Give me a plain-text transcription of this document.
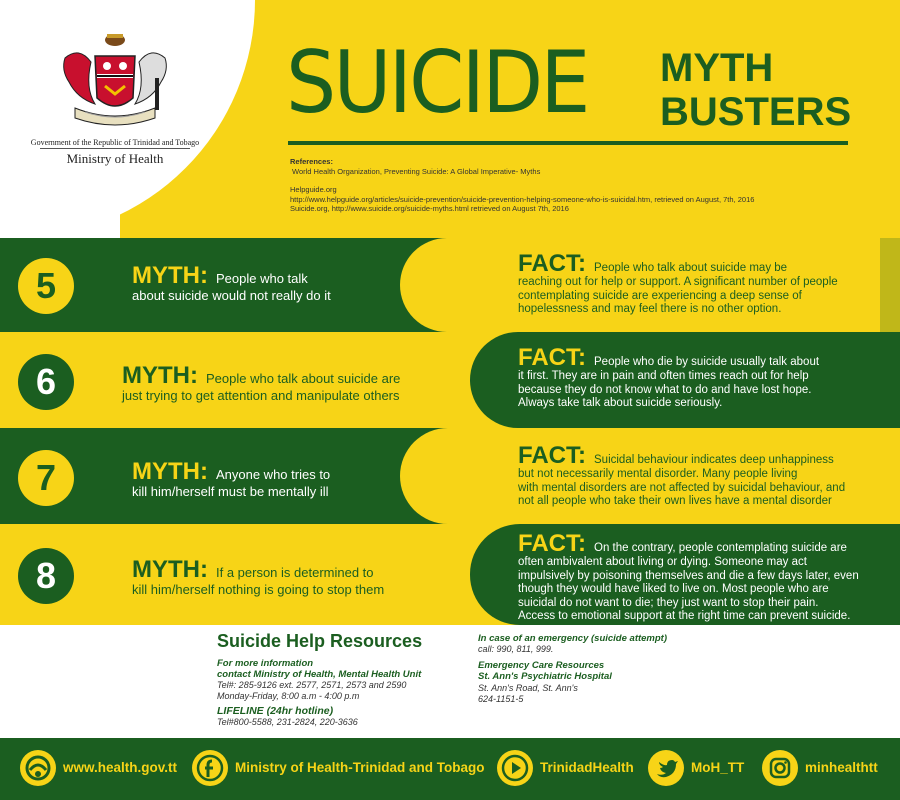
Government of the Republic of Trinidad and Tobago
Ministry of Health
SUICIDE MYTH
BUSTERS
References:
World Health Organization, Preventing Suicide: A Global Imperative- Myths
Helpguide.org
http://www.helpguide.org/articles/suicide-prevention/suicide-prevention-helping-someone-who-is-suicidal.htm, retrieved on August, 7th, 2016
Suicide.org, http://www.suicide.org/suicide-myths.html retrieved on August 7th, 2016
5	MYTH: People who talk
about suicide would not really do it
FACT: People who talk about suicide may be
reaching out for help or support. A significant number of people
contemplating suicide are experiencing a deep sense of
hopelessness and may feel there is no other option.
6	MYTH: People who talk about suicide are
just trying to get attention and manipulate others
FACT: People who die by suicide usually talk about
it first. They are in pain and often times reach out for help
because they do not know what to do and have lost hope.
Always take talk about suicide seriously.
7	MYTH: Anyone who tries to
kill him/herself must be mentally ill
FACT: Suicidal behaviour indicates deep unhappiness
but not necessarily mental disorder. Many people living
with mental disorders are not affected by suicidal behaviour, and
not all people who take their own lives have a mental disorder
8	MYTH: If a person is determined to
kill him/herself nothing is going to stop them
FACT: On the contrary, people contemplating suicide are
often ambivalent about living or dying. Someone may act
impulsively by poisoning themselves and die a few days later, even
though they would have liked to live on. Most people who are
suicidal do not want to die; they just want to stop their pain.
Access to emotional support at the right time can prevent suicide.
Suicide Help Resources
For more information
contact Ministry of Health, Mental Health Unit
Tel#: 285-9126 ext. 2577, 2571, 2573 and 2590
Monday-Friday, 8:00 a.m - 4:00 p.m
LIFELINE (24hr hotline)
Tel#800-5588, 231-2824, 220-3636
In case of an emergency (suicide attempt)
call: 990, 811, 999.
Emergency Care Resources
St. Ann's Psychiatric Hospital
St. Ann's Road, St. Ann's
624-1151-5
www.health.gov.tt	Ministry of Health-Trinidad and Tobago	TrinidadHealth	MoH_TT	minhealthtt
